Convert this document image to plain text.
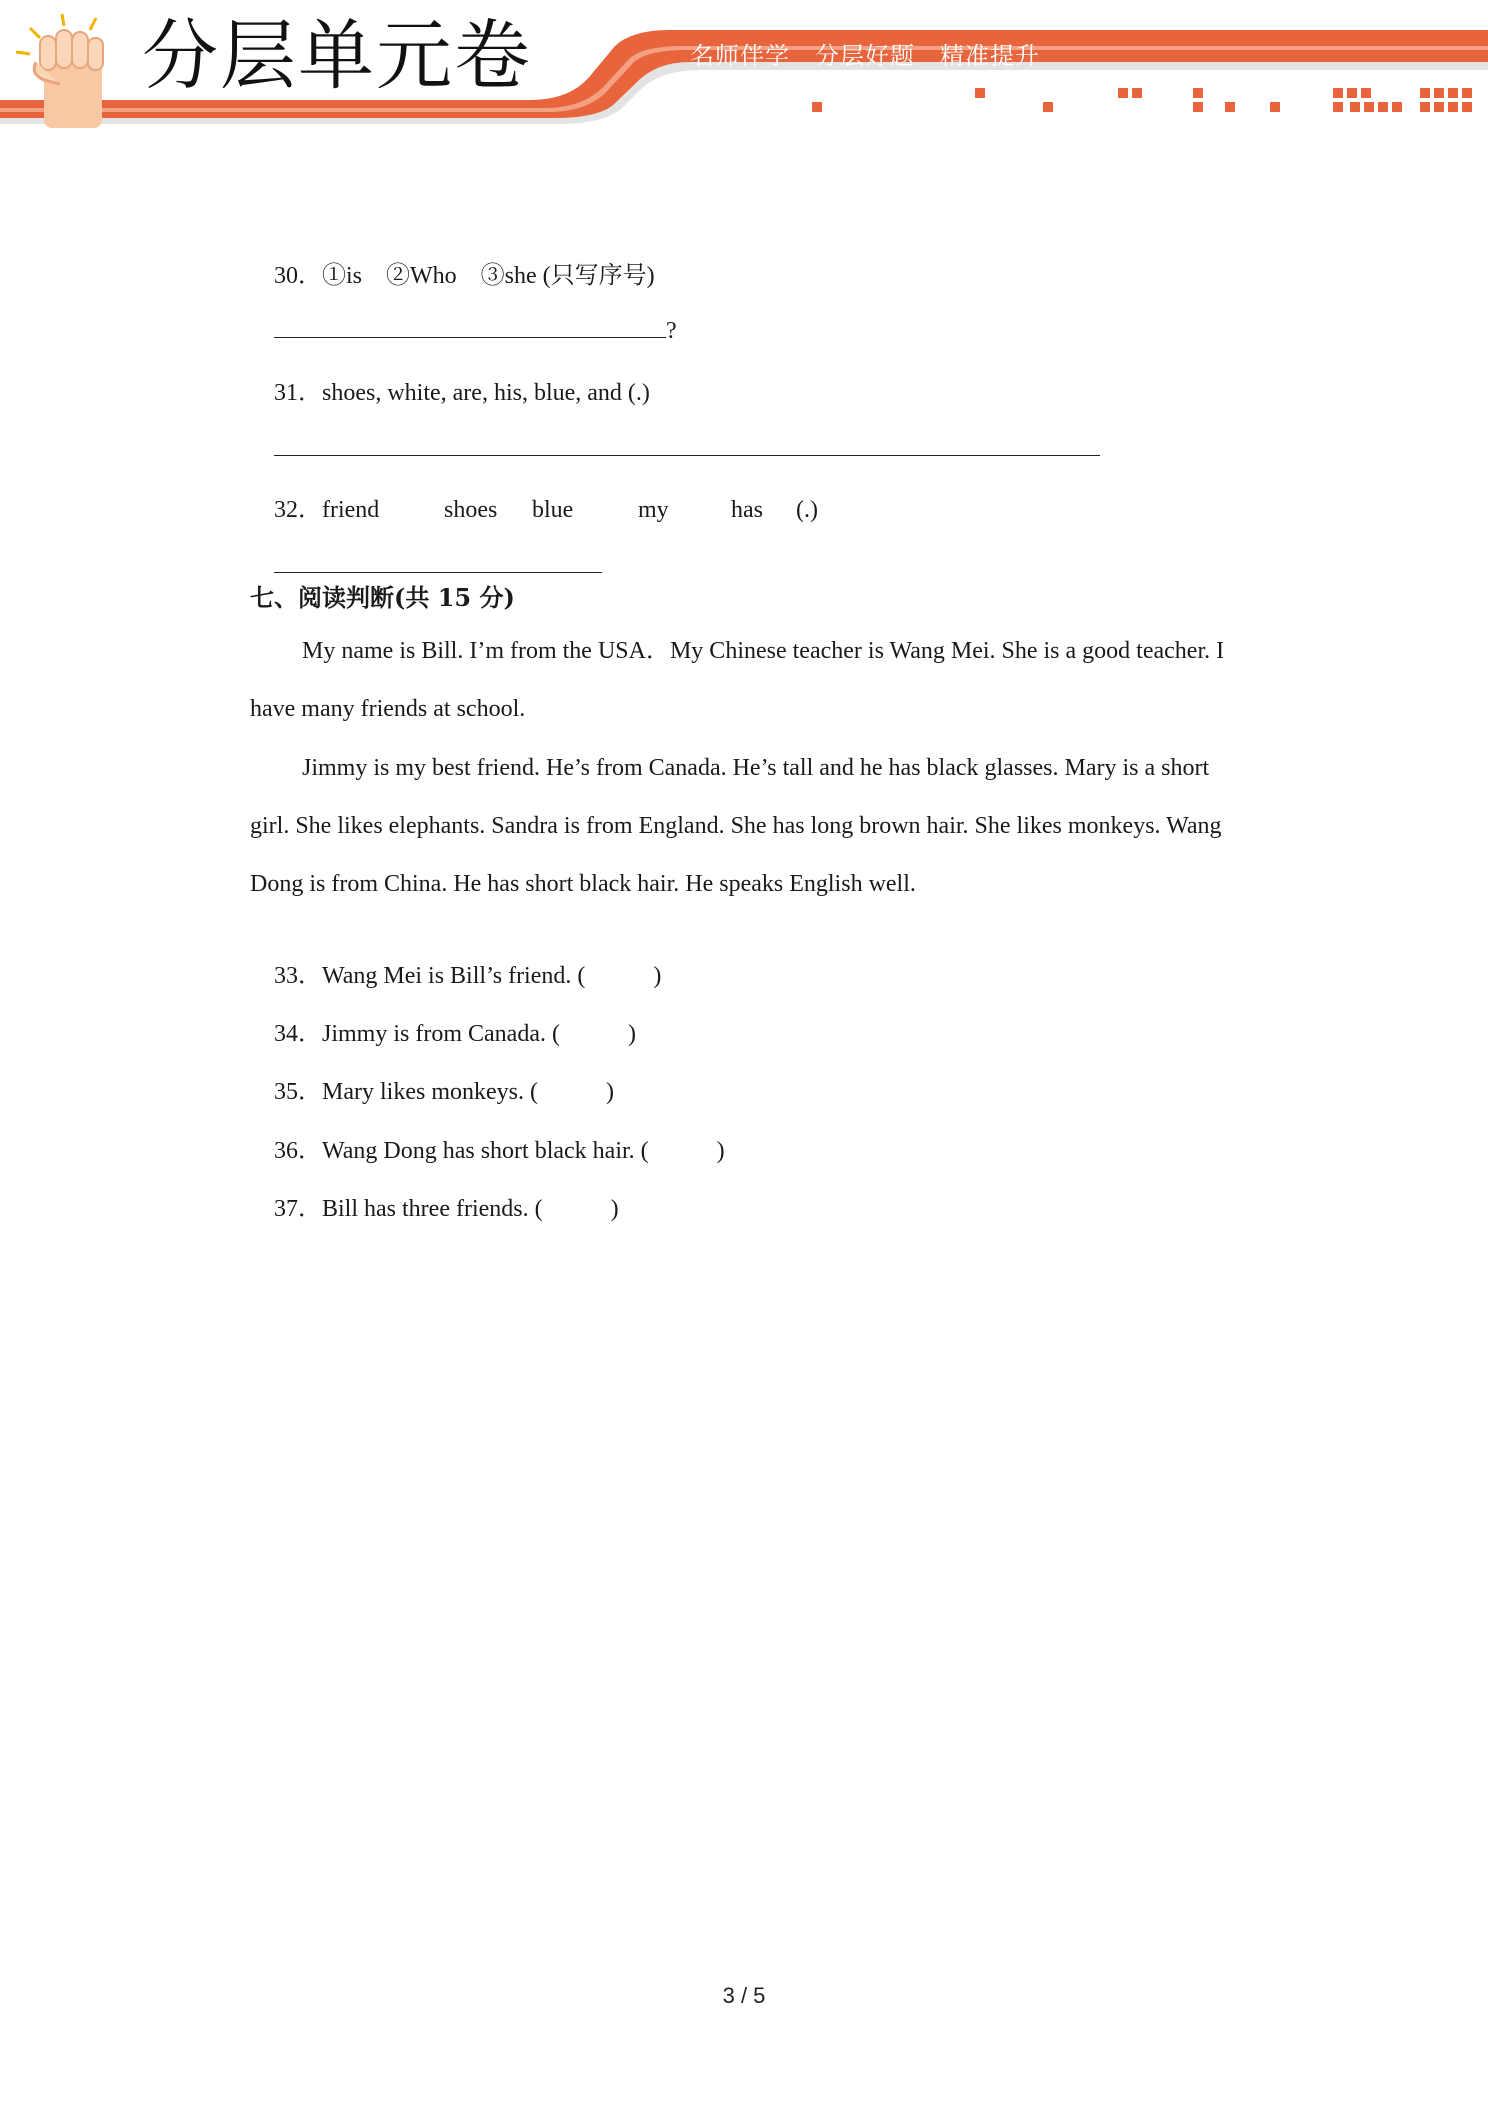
分层单元卷	名师伴学　分层好题　精准提升

30．①is　②Who　③she (只写序号)

?

31．shoes, white, are, his, blue, and (.)

32．friend	shoes blue	my	has (.)

七、阅读判断(共 15 分)
My name is Bill. I’m from the USA．My Chinese teacher is Wang Mei. She is a good teacher. I have many friends at school.
Jimmy is my best friend. He’s from Canada. He’s tall and he has black glasses. Mary is a short girl. She likes elephants. Sandra is from England. She has long brown hair. She likes monkeys. Wang Dong is from China. He has short black hair. He speaks English well.

33．Wang Mei is Bill’s friend. (	)

34．Jimmy is from Canada. (	)

35．Mary likes monkeys. (	)

36．Wang Dong has short black hair. (	)

37．Bill has three friends. (	)

3 / 5
